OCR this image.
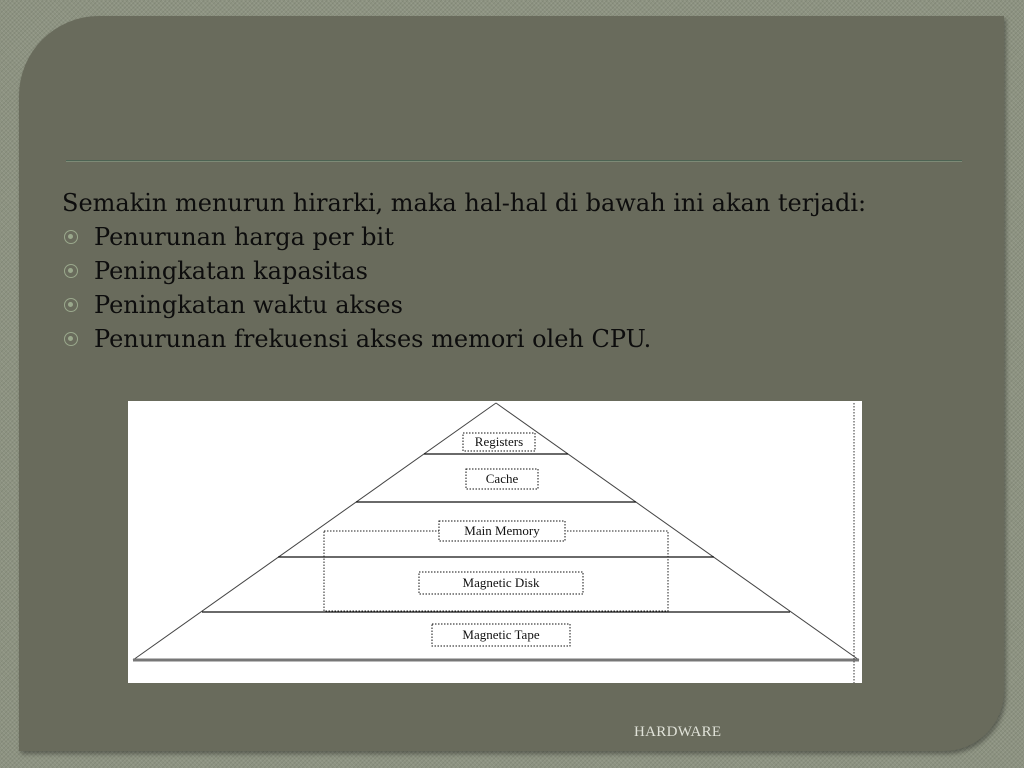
Semakin menurun hirarki, maka hal-hal di bawah ini akan terjadi:

Penurunan harga per bit
Peningkatan kapasitas
Peningkatan waktu akses
Penurunan frekuensi akses memori oleh CPU.
Registers
Cache
Main Memory
Magnetic Disk
Magnetic Tape
HARDWARE
